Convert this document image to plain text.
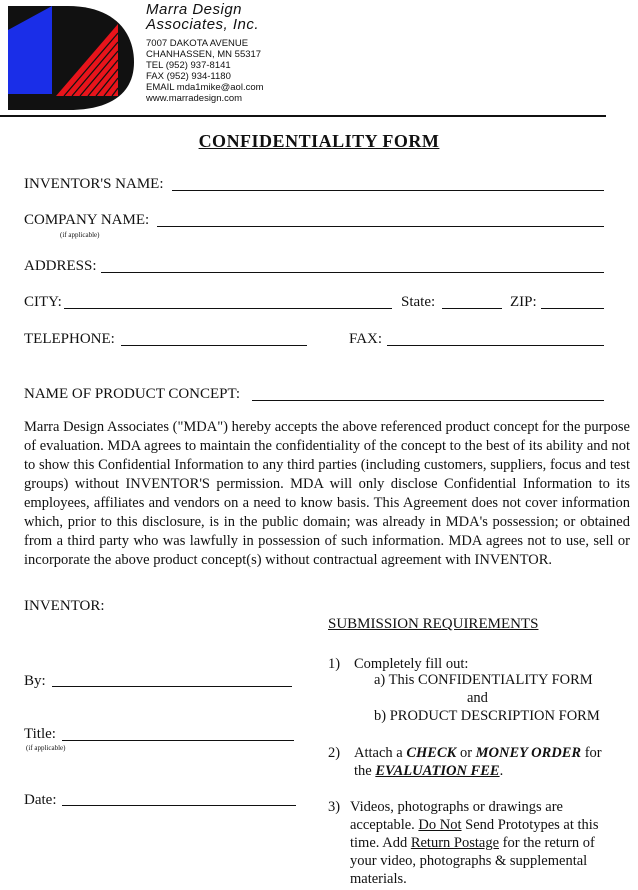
Marra Design
Associates, Inc.
7007 DAKOTA AVENUE
CHANHASSEN, MN 55317
TEL (952) 937-8141
FAX (952) 934-1180
EMAIL mda1mike@aol.com
www.marradesign.com
CONFIDENTIALITY FORM
INVENTOR'S NAME:
COMPANY NAME:
(if applicable)
ADDRESS:
CITY:	State:	ZIP:
TELEPHONE:	FAX:
NAME OF PRODUCT CONCEPT:
Marra Design Associates ("MDA") hereby accepts the above referenced product concept for the purpose of evaluation. MDA agrees to maintain the confidentiality of the concept to the best of its ability and not to show this Confidential Information to any third parties (including customers, suppliers, focus and test groups) without INVENTOR'S permission. MDA will only disclose Confidential Information to its employees, affiliates and vendors on a need to know basis. This Agreement does not cover information which, prior to this disclosure, is in the public domain; was already in MDA's possession; or obtained from a third party who was lawfully in possession of such information. MDA agrees not to use, sell or incorporate the above product concept(s) without contractual agreement with INVENTOR.
INVENTOR:
By:
Title:
(if applicable)
Date:
SUBMISSION REQUIREMENTS
1) Completely fill out:
a) This CONFIDENTIALITY FORM
and
b) PRODUCT DESCRIPTION FORM
2) Attach a CHECK or MONEY ORDER for
the EVALUATION FEE.
3) Videos, photographs or drawings are
acceptable. Do Not Send Prototypes at this
time. Add Return Postage for the return of
your video, photographs & supplemental
materials.
